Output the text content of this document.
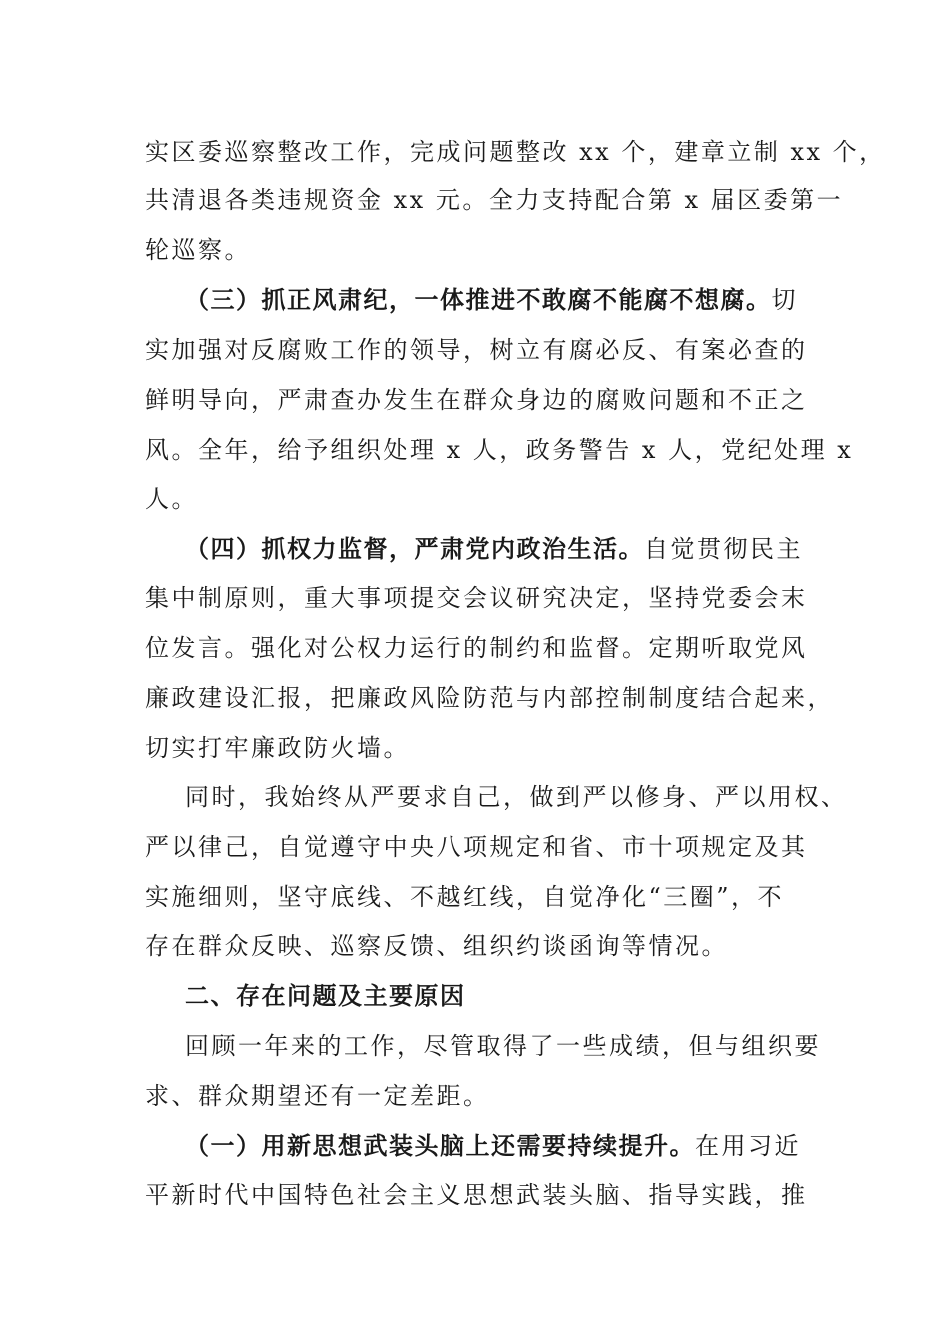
实区委巡察整改工作，完成问题整改 xx 个，建章立制 xx 个，
共清退各类违规资金 xx 元。全力支持配合第 x 届区委第一
轮巡察。
（三）抓正风肃纪，一体推进不敢腐不能腐不想腐。切
实加强对反腐败工作的领导，树立有腐必反、有案必查的
鲜明导向，严肃查办发生在群众身边的腐败问题和不正之
风。全年，给予组织处理 x 人，政务警告 x 人，党纪处理 x
人。
（四）抓权力监督，严肃党内政治生活。自觉贯彻民主
集中制原则，重大事项提交会议研究决定，坚持党委会末
位发言。强化对公权力运行的制约和监督。定期听取党风
廉政建设汇报，把廉政风险防范与内部控制制度结合起来，
切实打牢廉政防火墙。
同时，我始终从严要求自己，做到严以修身、严以用权、
严以律己，自觉遵守中央八项规定和省、市十项规定及其
实施细则，坚守底线、不越红线，自觉净化“三圈”，不
存在群众反映、巡察反馈、组织约谈函询等情况。
二、存在问题及主要原因
回顾一年来的工作，尽管取得了一些成绩，但与组织要
求、群众期望还有一定差距。
（一）用新思想武装头脑上还需要持续提升。在用习近
平新时代中国特色社会主义思想武装头脑、指导实践，推
